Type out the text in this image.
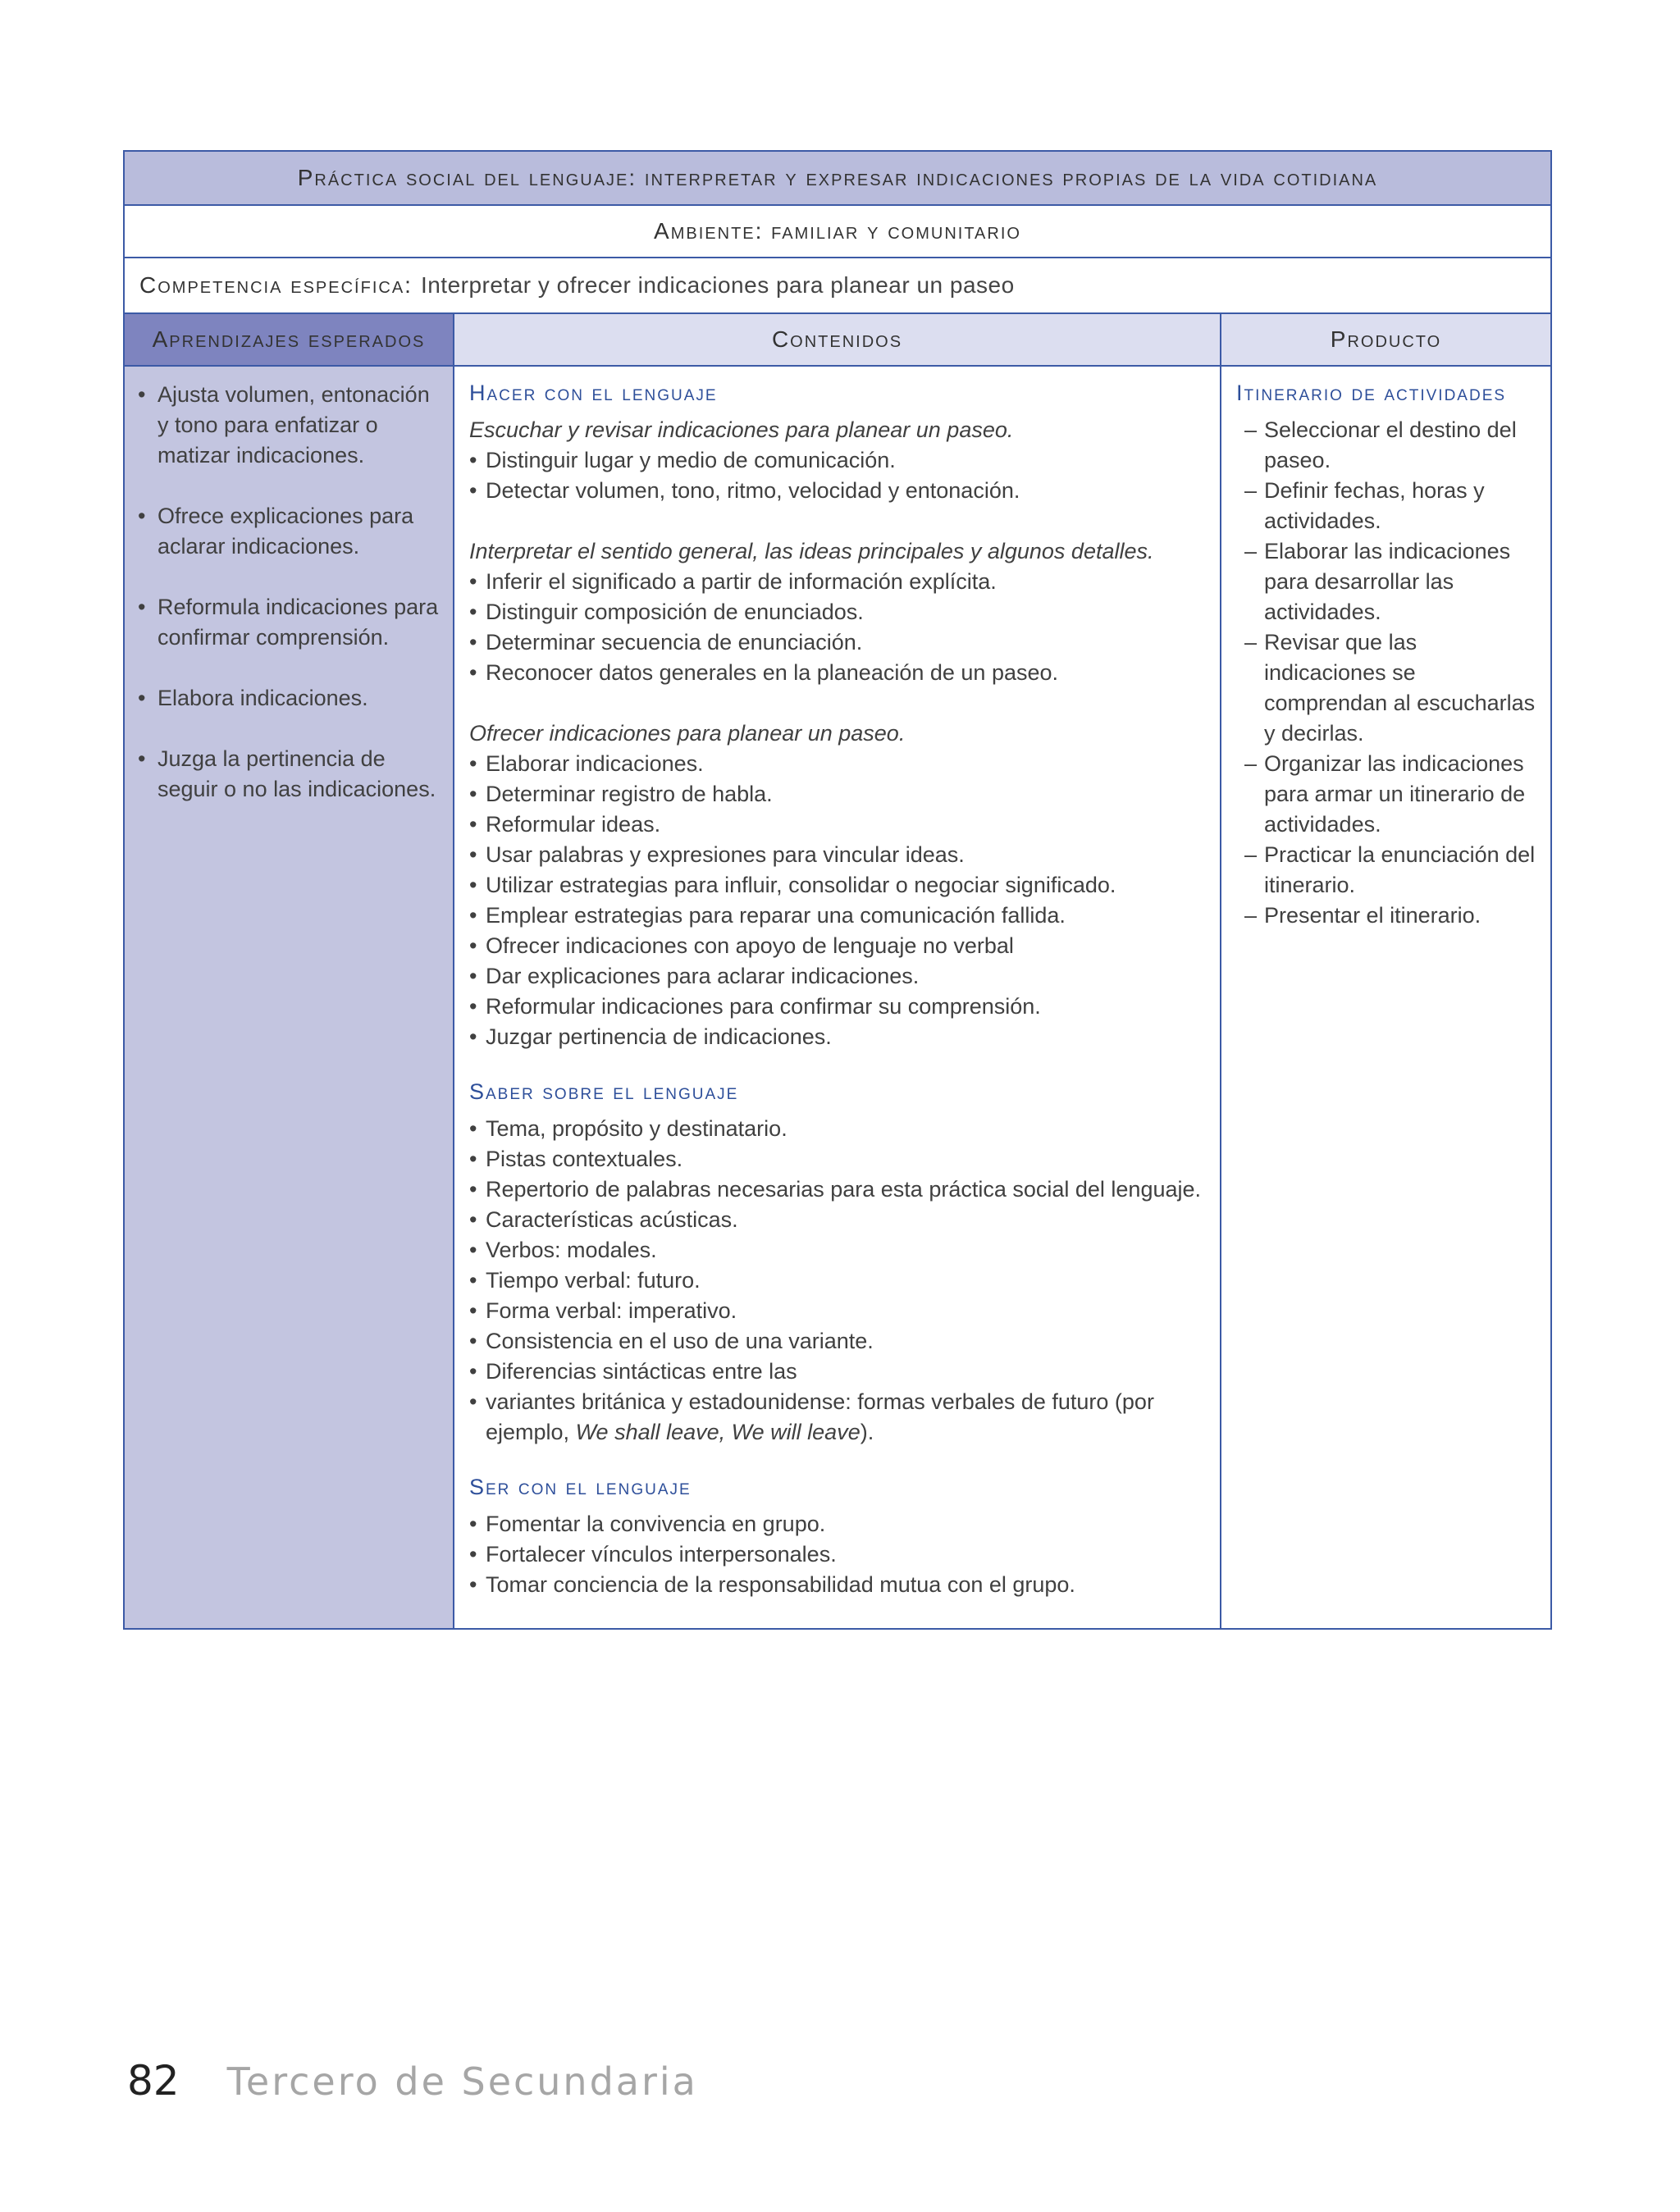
Práctica social del lenguaje: interpretar y expresar indicaciones propias de la vida cotidiana
Ambiente: familiar y comunitario
Competencia específica: Interpretar y ofrecer indicaciones para planear un paseo
Aprendizajes esperados	Contenidos	Producto
• Ajusta volumen, entonación y tono para enfatizar o matizar indicaciones.
• Ofrece explicaciones para aclarar indicaciones.
• Reformula indicaciones para confirmar comprensión.
• Elabora indicaciones.
• Juzga la pertinencia de seguir o no las indicaciones.
Hacer con el lenguaje
Escuchar y revisar indicaciones para planear un paseo.
• Distinguir lugar y medio de comunicación.
• Detectar volumen, tono, ritmo, velocidad y entonación.
Interpretar el sentido general, las ideas principales y algunos detalles.
• Inferir el significado a partir de información explícita.
• Distinguir composición de enunciados.
• Determinar secuencia de enunciación.
• Reconocer datos generales en la planeación de un paseo.
Ofrecer indicaciones para planear un paseo.
• Elaborar indicaciones.
• Determinar registro de habla.
• Reformular ideas.
• Usar palabras y expresiones para vincular ideas.
• Utilizar estrategias para influir, consolidar o negociar significado.
• Emplear estrategias para reparar una comunicación fallida.
• Ofrecer indicaciones con apoyo de lenguaje no verbal
• Dar explicaciones para aclarar indicaciones.
• Reformular indicaciones para confirmar su comprensión.
• Juzgar pertinencia de indicaciones.
Saber sobre el lenguaje
• Tema, propósito y destinatario.
• Pistas contextuales.
• Repertorio de palabras necesarias para esta práctica social del lenguaje.
• Características acústicas.
• Verbos: modales.
• Tiempo verbal: futuro.
• Forma verbal: imperativo.
• Consistencia en el uso de una variante.
• Diferencias sintácticas entre las
• variantes británica y estadounidense: formas verbales de futuro (por ejemplo, We shall leave, We will leave).
Ser con el lenguaje
• Fomentar la convivencia en grupo.
• Fortalecer vínculos interpersonales.
• Tomar conciencia de la responsabilidad mutua con el grupo.
Itinerario de actividades
– Seleccionar el destino del paseo.
– Definir fechas, horas y actividades.
– Elaborar las indicaciones para desarrollar las actividades.
– Revisar que las indicaciones se comprendan al escucharlas y decirlas.
– Organizar las indicaciones para armar un itinerario de actividades.
– Practicar la enunciación del itinerario.
– Presentar el itinerario.
82 Tercero de Secundaria
